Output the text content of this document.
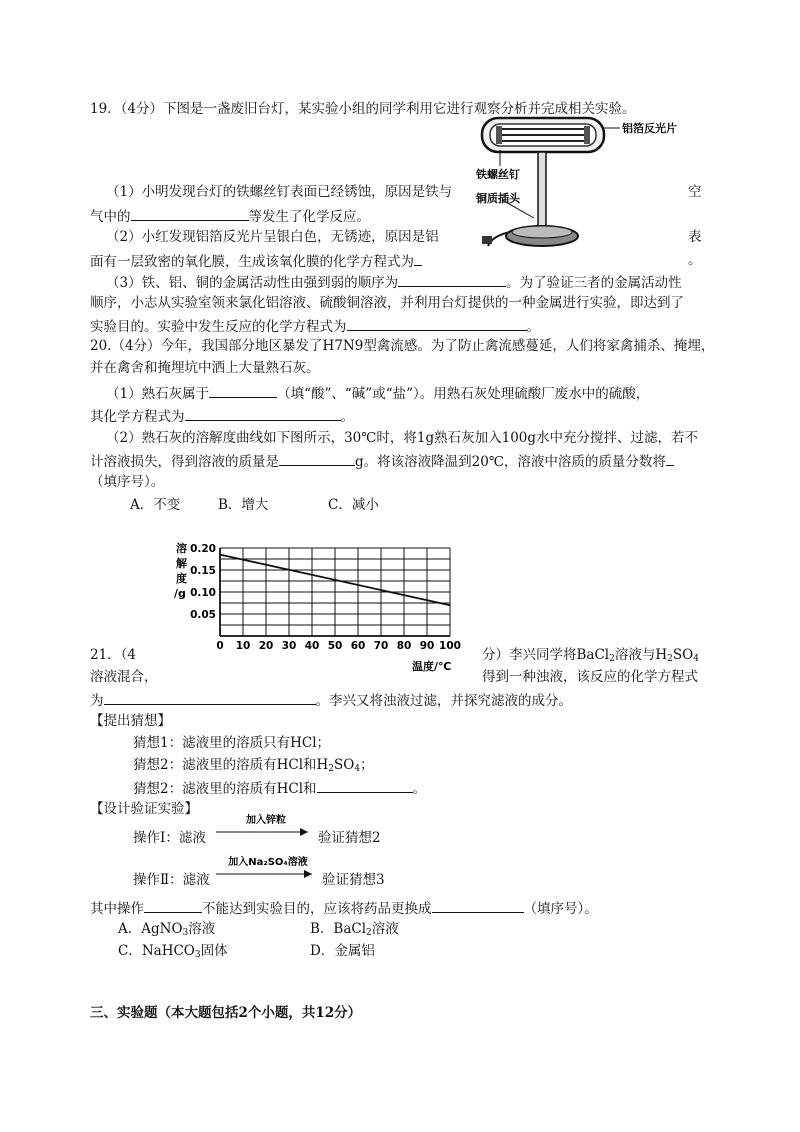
19．（4分）下图是一盏废旧台灯，某实验小组的同学利用它进行观察分析并完成相关实验。
铝箔反光片
铁螺丝钉
铜质插头
（1）小明发现台灯的铁螺丝钉表面已经锈蚀，原因是铁与	空
气中的	等发生了化学反应。
（2）小红发现铝箔反光片呈银白色，无锈迹，原因是铝	表
面有一层致密的氧化膜，生成该氧化膜的化学方程式为	。
（3）铁、铝、铜的金属活动性由强到弱的顺序为	。为了验证三者的金属活动性
顺序，小志从实验室领来氯化铝溶液、硫酸铜溶液，并利用台灯提供的一种金属进行实验，即达到了
实验目的。实验中发生反应的化学方程式为	。
20.（4分）今年，我国部分地区暴发了H7N9型禽流感。为了防止禽流感蔓延，人们将家禽捕杀、掩埋，
并在禽舍和掩埋坑中洒上大量熟石灰。
（1）熟石灰属于	（填“酸”、“碱”或“盐”）。用熟石灰处理硫酸厂废水中的硫酸，
其化学方程式为	。
（2）熟石灰的溶解度曲线如下图所示，30℃时，将1g熟石灰加入100g水中充分搅拌、过滤，若不
计溶液损失，得到溶液的质量是	g。将该溶液降温到20℃，溶液中溶质的质量分数将
（填序号）。
A．不变	B．增大	C．减小
0 10 20 30 40 50 60 70 80 90 100
0.05
0.10
0.15
0.20
溶解度/g
温度/℃
21．（4	分）李兴同学将BaCl$_2$溶液与$H_2SO_4$
溶液混合，	得到一种浊液，该反应的化学方程式
为	。李兴又将浊液过滤，并探究滤液的成分。
【提出猜想】
猜想1：滤液里的溶质只有HCl；
猜想2：滤液里的溶质有HCl和$H_2SO_4$；
猜想2：滤液里的溶质有HCl和	。
【设计验证实验】
操作Ⅰ：滤液
加入锌粒
验证猜想2
操作Ⅱ：滤液
加入Na₂SO₄溶液
验证猜想3
其中操作	不能达到实验目的，应该将药品更换成	（填序号）。
A．AgNO$_3$溶液	B．BaCl$_2$溶液
C．NaHCO$_3$固体	D．金属铝
三、实验题（本大题包括2个小题，共12分）
